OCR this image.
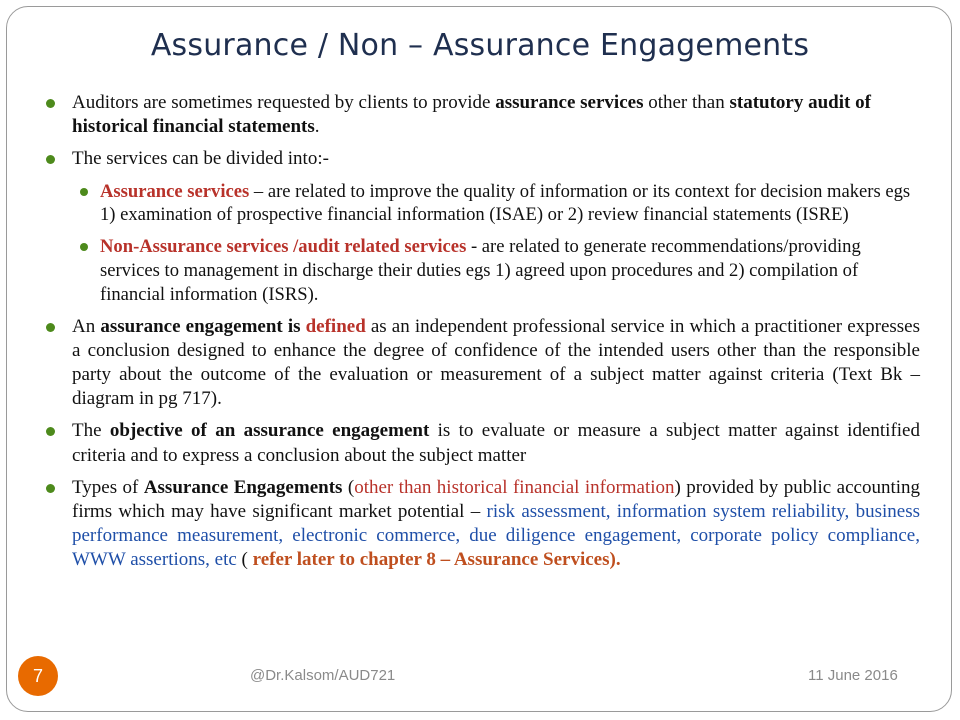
Assurance / Non – Assurance Engagements
Auditors are sometimes requested by clients to provide assurance services other than statutory audit of historical financial statements.
The services can be divided into:-
Assurance services – are related to improve the quality of information or its context for decision makers egs 1) examination of prospective financial information (ISAE) or 2) review financial statements (ISRE)
Non-Assurance services /audit related services - are related to generate recommendations/providing services to management in discharge their duties egs 1) agreed upon procedures and 2) compilation of financial information (ISRS).
An assurance engagement is defined as an independent professional service in which a practitioner expresses a conclusion designed to enhance the degree of confidence of the intended users other than the responsible party about the outcome of the evaluation or measurement of a subject matter against criteria (Text Bk – diagram in pg 717).
The objective of an assurance engagement is to evaluate or measure a subject matter against identified criteria and to express a conclusion about the subject matter
Types of Assurance Engagements (other than historical financial information) provided by public accounting firms which may have significant market potential – risk assessment, information system reliability, business performance measurement, electronic commerce, due diligence engagement, corporate policy compliance, WWW assertions, etc ( refer later to chapter 8 – Assurance Services).
@Dr.Kalsom/AUD721	11 June 2016
7
